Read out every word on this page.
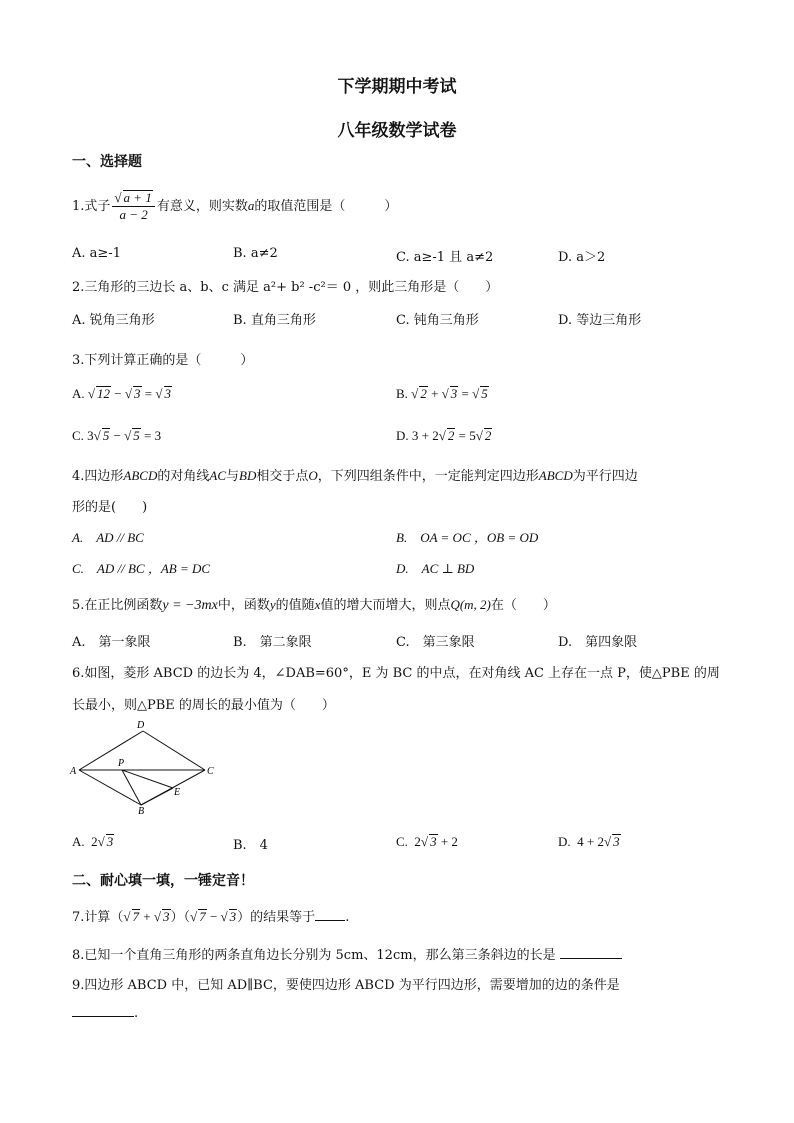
下学期期中考试
八年级数学试卷
一、选择题
1.式子 $\frac{√ a + 1}{a - 2}$ 有意义，则实数a的取值范围是（　　　）
A. a≥-1	B. a≠2	C. a≥-1 且 a≠2	D. a＞2
2.三角形的三边长 a、b、c 满足 a²+ b² -c²＝ 0 ，则此三角形是（　　）
A. 锐角三角形	B. 直角三角形	C. 钝角三角形	D. 等边三角形
3.下列计算正确的是（　　　）
A. √ 12 − √ 3 = √ 3	B. √ 2 + √ 3 = √ 5
C. 3√ 5 − √ 5 = 3	D. 3 + 2√ 2 = 5√ 2
4.四边形ABCD的对角线AC与BD相交于点O，下列四组条件中，一定能判定四边形ABCD为平行四边
形的是(　　)
A.　AD // BC	B.　OA = OC ，OB = OD
C.　AD // BC ，AB = DC	D.　AC ⊥ BD
5.在正比例函数y = −3mx中，函数y的值随x值的增大而增大，则点Q(m, 2)在（　　）
A.　第一象限	B.　第二象限	C.　第三象限	D.　第四象限
6.如图，菱形 ABCD 的边长为 4，∠DAB=60°，E 为 BC 的中点，在对角线 AC 上存在一点 P，使△PBE 的周
长最小，则△PBE 的周长的最小值为（　　）
A
B
C
D
E
P
A. 2√ 3	B.　4	C. 2√ 3 + 2	D. 4 + 2√ 3
二、耐心填一填，一锤定音！
7.计算（√ 7 + √ 3）（√ 7 − √ 3）的结果等于 .
8.已知一个直角三角形的两条直角边长分别为 5cm、12cm，那么第三条斜边的长是
9.四边形 ABCD 中，已知 AD∥BC，要使四边形 ABCD 为平行四边形，需要增加的边的条件是
.
